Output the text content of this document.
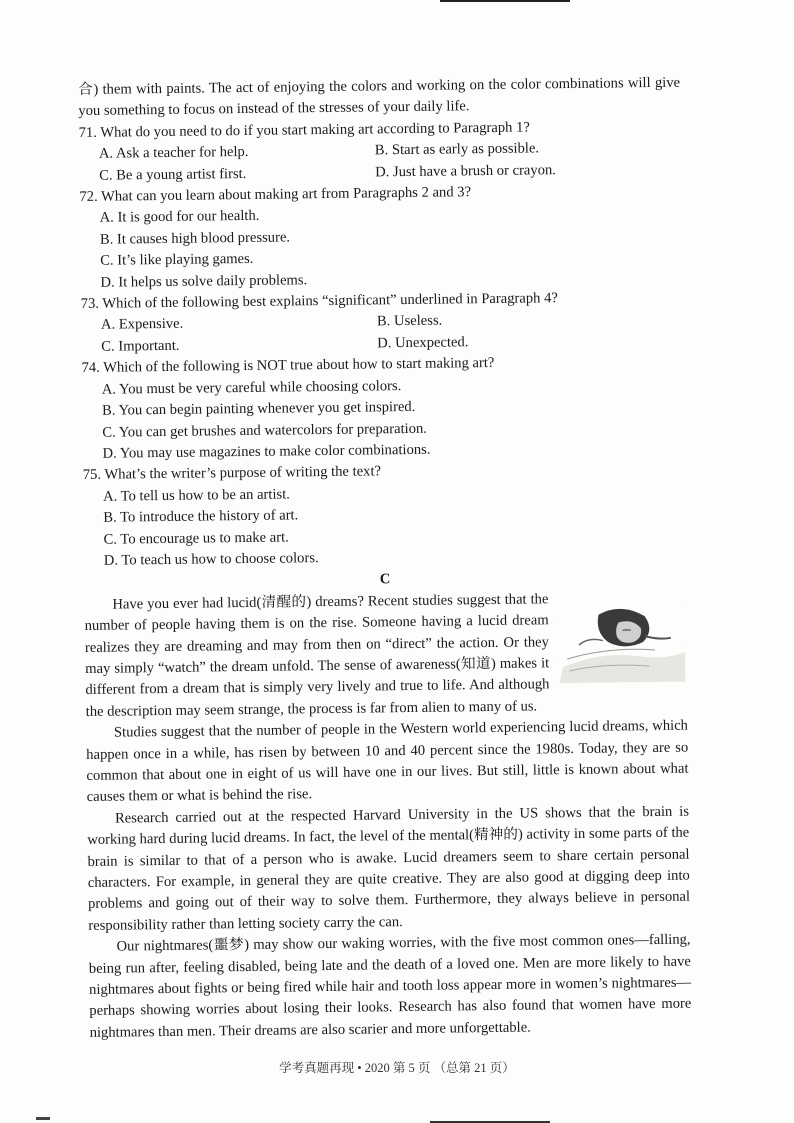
合) them with paints. The act of enjoying the colors and working on the color combinations will give you something to focus on instead of the stresses of your daily life.

71. What do you need to do if you start making art according to Paragraph 1?

A. Ask a teacher for help.	B. Start as early as possible.

C. Be a young artist first.	D. Just have a brush or crayon.

72. What can you learn about making art from Paragraphs 2 and 3?

A. It is good for our health.

B. It causes high blood pressure.

C. It’s like playing games.

D. It helps us solve daily problems.

73. Which of the following best explains “significant” underlined in Paragraph 4?

A. Expensive.	B. Useless.

C. Important.	D. Unexpected.

74. Which of the following is NOT true about how to start making art?

A. You must be very careful while choosing colors.

B. You can begin painting whenever you get inspired.

C. You can get brushes and watercolors for preparation.

D. You may use magazines to make color combinations.

75. What’s the writer’s purpose of writing the text?

A. To tell us how to be an artist.

B. To introduce the history of art.

C. To encourage us to make art.

D. To teach us how to choose colors.

C

Have you ever had lucid(清醒的) dreams? Recent studies suggest that the number of people having them is on the rise. Someone having a lucid dream realizes they are dreaming and may from then on “direct” the action. Or they may simply “watch” the dream unfold. The sense of awareness(知道) makes it different from a dream that is simply very lively and true to life. And although the description may seem strange, the process is far from alien to many of us.

Studies suggest that the number of people in the Western world experiencing lucid dreams, which happen once in a while, has risen by between 10 and 40 percent since the 1980s. Today, they are so common that about one in eight of us will have one in our lives. But still, little is known about what causes them or what is behind the rise.

Research carried out at the respected Harvard University in the US shows that the brain is working hard during lucid dreams. In fact, the level of the mental(精神的) activity in some parts of the brain is similar to that of a person who is awake. Lucid dreamers seem to share certain personal characters. For example, in general they are quite creative. They are also good at digging deep into problems and going out of their way to solve them. Furthermore, they always believe in personal responsibility rather than letting society carry the can.

Our nightmares(噩梦) may show our waking worries, with the five most common ones—falling, being run after, feeling disabled, being late and the death of a loved one. Men are more likely to have nightmares about fights or being fired while hair and tooth loss appear more in women’s nightmares—perhaps showing worries about losing their looks. Research has also found that women have more nightmares than men. Their dreams are also scarier and more unforgettable.

学考真题再现 • 2020 第 5 页 （总第 21 页）
